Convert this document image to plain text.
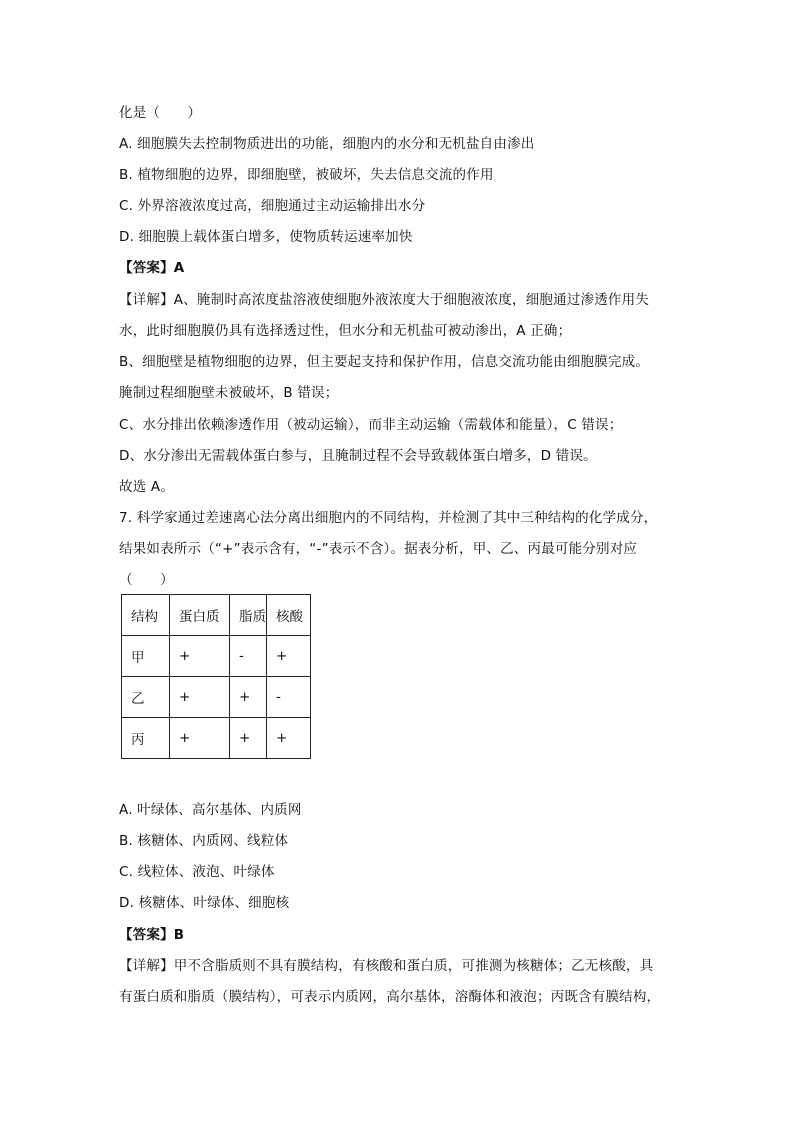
化是（　　）
A. 细胞膜失去控制物质进出的功能，细胞内的水分和无机盐自由渗出
B. 植物细胞的边界，即细胞壁，被破坏，失去信息交流的作用
C. 外界溶液浓度过高，细胞通过主动运输排出水分
D. 细胞膜上载体蛋白增多，使物质转运速率加快
【答案】A
【详解】A、腌制时高浓度盐溶液使细胞外液浓度大于细胞液浓度，细胞通过渗透作用失
水，此时细胞膜仍具有选择透过性，但水分和无机盐可被动渗出，A 正确；
B、细胞壁是植物细胞的边界，但主要起支持和保护作用，信息交流功能由细胞膜完成。
腌制过程细胞壁未被破坏，B 错误；
C、水分排出依赖渗透作用（被动运输），而非主动运输（需载体和能量），C 错误；
D、水分渗出无需载体蛋白参与，且腌制过程不会导致载体蛋白增多，D 错误。
故选 A。
7. 科学家通过差速离心法分离出细胞内的不同结构，并检测了其中三种结构的化学成分，
结果如表所示（“+”表示含有，“-”表示不含）。据表分析，甲、乙、丙最可能分别对应
（　　）
结构	蛋白质	脂质	核酸
甲	+	-	+
乙	+	+	-
丙	+	+	+
A. 叶绿体、高尔基体、内质网
B. 核糖体、内质网、线粒体
C. 线粒体、液泡、叶绿体
D. 核糖体、叶绿体、细胞核
【答案】B
【详解】甲不含脂质则不具有膜结构，有核酸和蛋白质，可推测为核糖体；乙无核酸，具
有蛋白质和脂质（膜结构），可表示内质网，高尔基体，溶酶体和液泡；丙既含有膜结构，
